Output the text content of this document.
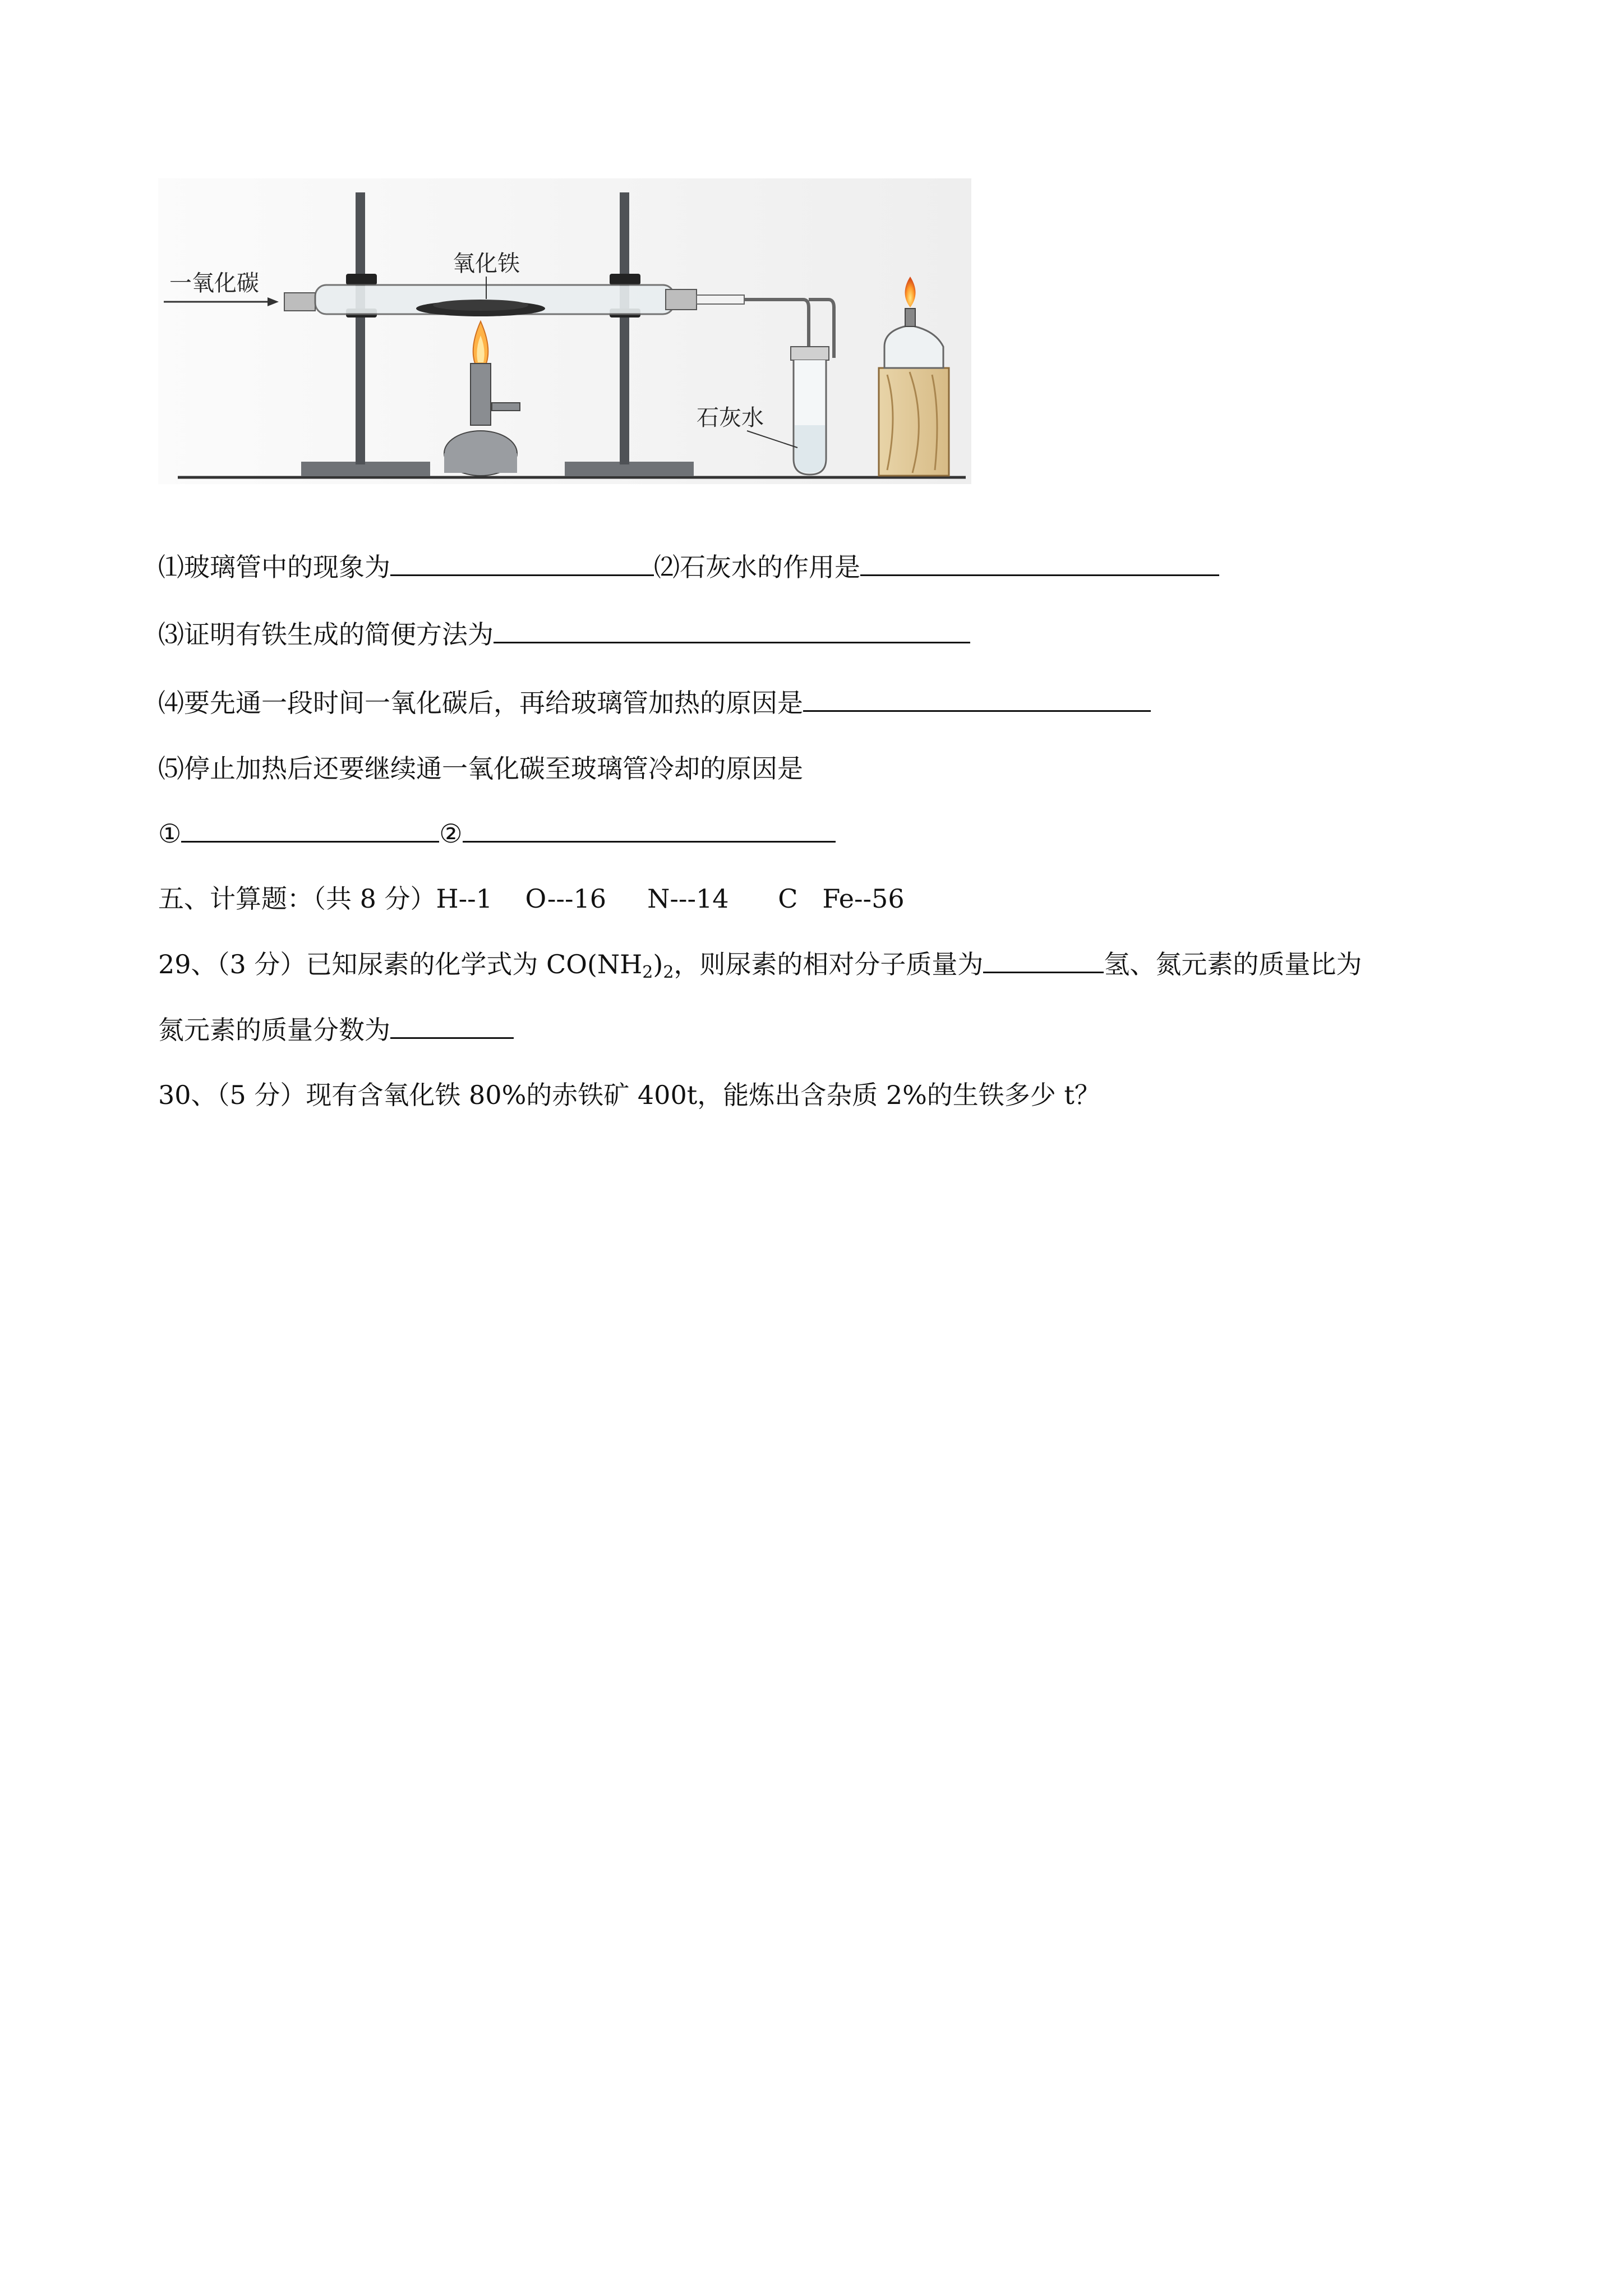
一氧化碳
氧化铁
石灰水
⑴玻璃管中的现象为	⑵石灰水的作用是
⑶证明有铁生成的简便方法为
⑷要先通一段时间一氧化碳后，再给玻璃管加热的原因是
⑸停止加热后还要继续通一氧化碳至玻璃管冷却的原因是
①	②
五、计算题：（共 8 分）H--1    O---16     N---14      C   Fe--56
29、（3 分）已知尿素的化学式为 $CO(NH_2)_2$，则尿素的相对分子质量为	氢、氮元素的质量比为
氮元素的质量分数为
30、（5 分）现有含氧化铁 80%的赤铁矿 400t，能炼出含杂质 2%的生铁多少 t？
